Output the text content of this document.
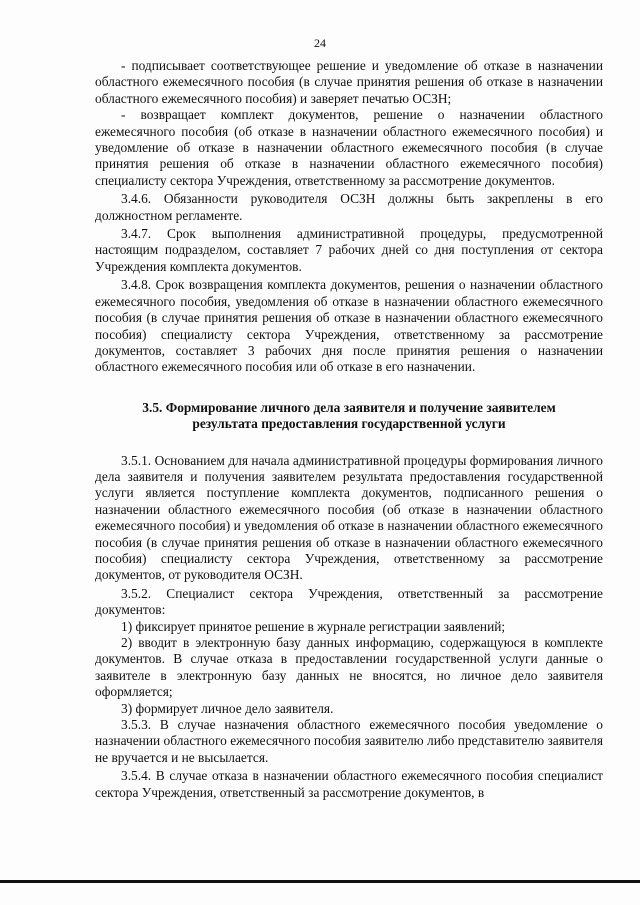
24

- подписывает соответствующее решение и уведомление об отказе в назначении областного ежемесячного пособия (в случае принятия решения об отказе в назначении областного ежемесячного пособия) и заверяет печатью ОСЗН;

- возвращает комплект документов, решение о назначении областного ежемесячного пособия (об отказе в назначении областного ежемесячного пособия) и уведомление об отказе в назначении областного ежемесячного пособия (в случае принятия решения об отказе в назначении областного ежемесячного пособия) специалисту сектора Учреждения, ответственному за рассмотрение документов.

3.4.6. Обязанности руководителя ОСЗН должны быть закреплены в его должностном регламенте.

3.4.7. Срок выполнения административной процедуры, предусмотренной настоящим подразделом, составляет 7 рабочих дней со дня поступления от сектора Учреждения комплекта документов.

3.4.8. Срок возвращения комплекта документов, решения о назначении областного ежемесячного пособия, уведомления об отказе в назначении областного ежемесячного пособия (в случае принятия решения об отказе в назначении областного ежемесячного пособия) специалисту сектора Учреждения, ответственному за рассмотрение документов, составляет 3 рабочих дня после принятия решения о назначении областного ежемесячного пособия или об отказе в его назначении.

3.5. Формирование личного дела заявителя и получение заявителем
результата предоставления государственной услуги

3.5.1. Основанием для начала административной процедуры формирования личного дела заявителя и получения заявителем результата предоставления государственной услуги является поступление комплекта документов, подписанного решения о назначении областного ежемесячного пособия (об отказе в назначении областного ежемесячного пособия) и уведомления об отказе в назначении областного ежемесячного пособия (в случае принятия решения об отказе в назначении областного ежемесячного пособия) специалисту сектора Учреждения, ответственному за рассмотрение документов, от руководителя ОСЗН.

3.5.2. Специалист сектора Учреждения, ответственный за рассмотрение документов:

1) фиксирует принятое решение в журнале регистрации заявлений;

2) вводит в электронную базу данных информацию, содержащуюся в комплекте документов. В случае отказа в предоставлении государственной услуги данные о заявителе в электронную базу данных не вносятся, но личное дело заявителя оформляется;

3) формирует личное дело заявителя.

3.5.3. В случае назначения областного ежемесячного пособия уведомление о назначении областного ежемесячного пособия заявителю либо представителю заявителя не вручается и не высылается.

3.5.4. В случае отказа в назначении областного ежемесячного пособия специалист сектора Учреждения, ответственный за рассмотрение документов, в
